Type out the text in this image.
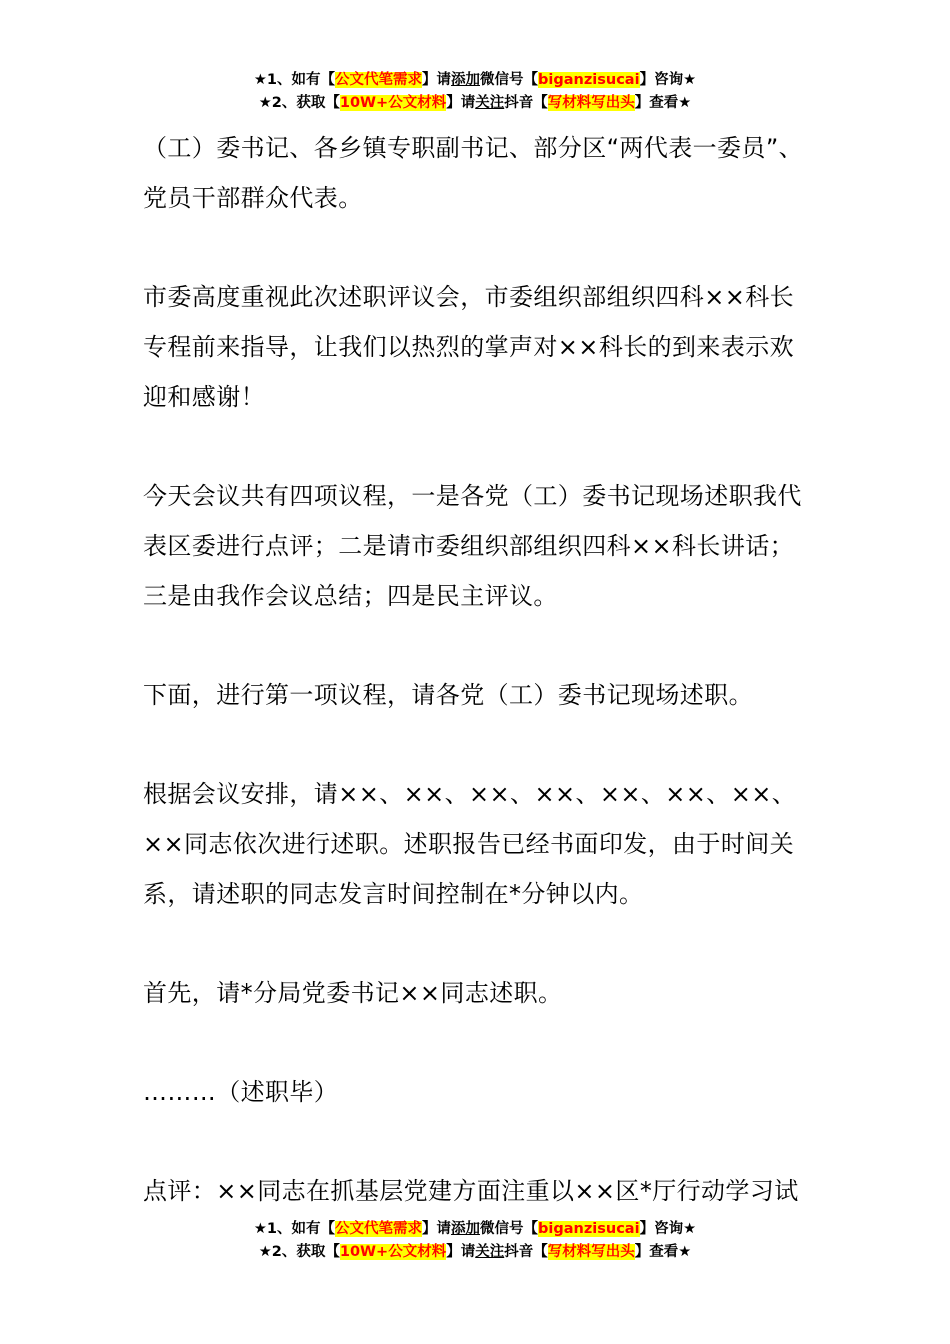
★1、如有【公文代笔需求】请添加微信号【biganzisucai】咨询★
★2、获取【10W+公文材料】请关注抖音【写材料写出头】查看★

（工）委书记、各乡镇专职副书记、部分区“两代表一委员”、党员干部群众代表。

市委高度重视此次述职评议会，市委组织部组织四科××科长专程前来指导，让我们以热烈的掌声对××科长的到来表示欢迎和感谢！

今天会议共有四项议程，一是各党（工）委书记现场述职我代表区委进行点评；二是请市委组织部组织四科××科长讲话；三是由我作会议总结；四是民主评议。

下面，进行第一项议程，请各党（工）委书记现场述职。

根据会议安排，请××、××、××、××、××、××、××、××同志依次进行述职。述职报告已经书面印发，由于时间关系，请述职的同志发言时间控制在*分钟以内。

首先，请*分局党委书记××同志述职。

………（述职毕）

点评：××同志在抓基层党建方面注重以××区*厅行动学习试

★1、如有【公文代笔需求】请添加微信号【biganzisucai】咨询★
★2、获取【10W+公文材料】请关注抖音【写材料写出头】查看★
